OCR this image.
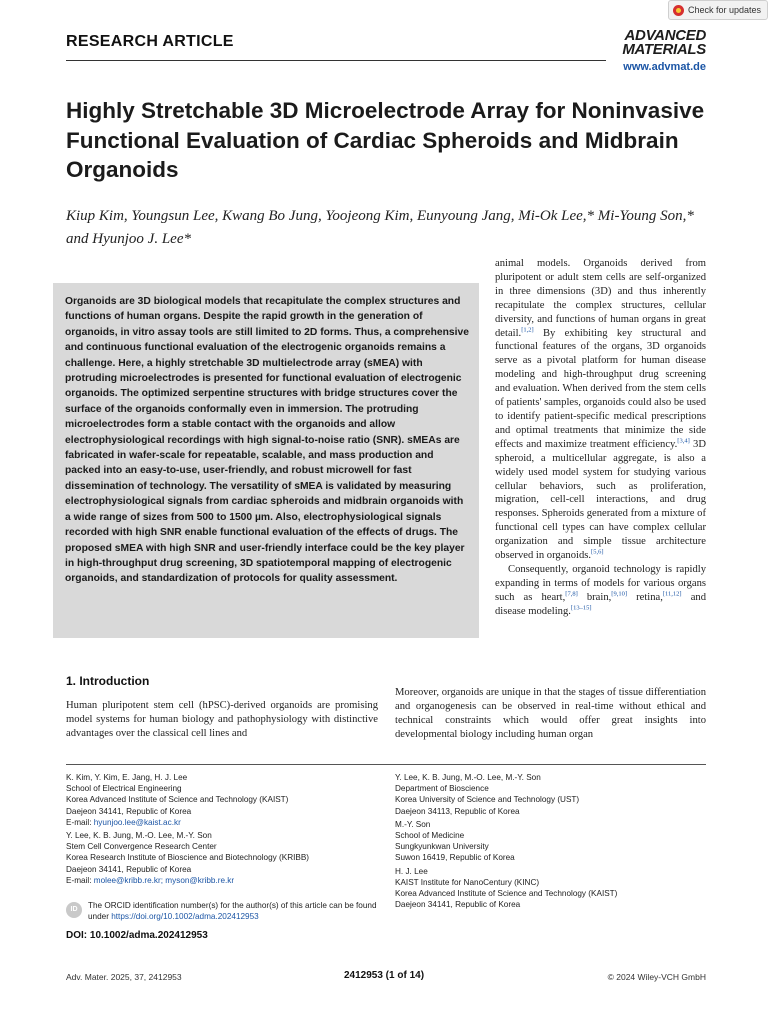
Check for updates
RESEARCH ARTICLE	ADVANCED
MATERIALS
www.advmat.de
Highly Stretchable 3D Microelectrode Array for Noninvasive Functional Evaluation of Cardiac Spheroids and Midbrain Organoids
Kiup Kim, Youngsun Lee, Kwang Bo Jung, Yoojeong Kim, Eunyoung Jang, Mi-Ok Lee,* Mi-Young Son,* and Hyunjoo J. Lee*
Organoids are 3D biological models that recapitulate the complex structures and functions of human organs. Despite the rapid growth in the generation of organoids, in vitro assay tools are still limited to 2D forms. Thus, a comprehensive and continuous functional evaluation of the electrogenic organoids remains a challenge. Here, a highly stretchable 3D multielectrode array (sMEA) with protruding microelectrodes is presented for functional evaluation of electrogenic organoids. The optimized serpentine structures with bridge structures cover the surface of the organoids conformally even in immersion. The protruding microelectrodes form a stable contact with the organoids and allow electrophysiological recordings with high signal-to-noise ratio (SNR). sMEAs are fabricated in wafer-scale for repeatable, scalable, and mass production and packed into an easy-to-use, user-friendly, and robust microwell for fast dissemination of technology. The versatility of sMEA is validated by measuring electrophysiological signals from cardiac spheroids and midbrain organoids with a wide range of sizes from 500 to 1500 µm. Also, electrophysiological signals recorded with high SNR enable functional evaluation of the effects of drugs. The proposed sMEA with high SNR and user-friendly interface could be the key player in high-throughput drug screening, 3D spatiotemporal mapping of electrogenic organoids, and standardization of protocols for quality assessment.

animal models. Organoids derived from pluripotent or adult stem cells are self-organized in three dimensions (3D) and thus inherently recapitulate the complex structures, cellular diversity, and functions of human organs in great detail.[1,2] By exhibiting key structural and functional features of the organs, 3D organoids serve as a pivotal platform for human disease modeling and high-throughput drug screening and evaluation. When derived from the stem cells of patients' samples, organoids could also be used to identify patient-specific medical prescriptions and optimal treatments that minimize the side effects and maximize treatment efficiency.[3,4] 3D spheroid, a multicellular aggregate, is also a widely used model system for studying various cellular behaviors, such as proliferation, migration, cell-cell interactions, and drug responses. Spheroids generated from a mixture of functional cell types can have complex cellular organization and simple tissue architecture observed in organoids.[5,6]

Consequently, organoid technology is rapidly expanding in terms of models for various organs such as heart,[7,8] brain,[9,10] retina,[11,12] and disease modeling.[13–15]

1. Introduction
Human pluripotent stem cell (hPSC)-derived organoids are promising model systems for human biology and pathophysiology with distinctive advantages over the classical cell lines and
Moreover, organoids are unique in that the stages of tissue differentiation and organogenesis can be observed in real-time without ethical and technical constraints which would offer great insights into developmental biology including human organ

K. Kim, Y. Kim, E. Jang, H. J. Lee
School of Electrical Engineering
Korea Advanced Institute of Science and Technology (KAIST)
Daejeon 34141, Republic of Korea
E-mail: hyunjoo.lee@kaist.ac.kr

Y. Lee, K. B. Jung, M.-O. Lee, M.-Y. Son
Stem Cell Convergence Research Center
Korea Research Institute of Bioscience and Biotechnology (KRIBB)
Daejeon 34141, Republic of Korea
E-mail: molee@kribb.re.kr; myson@kribb.re.kr

Y. Lee, K. B. Jung, M.-O. Lee, M.-Y. Son
Department of Bioscience
Korea University of Science and Technology (UST)
Daejeon 34113, Republic of Korea

M.-Y. Son
School of Medicine
Sungkyunkwan University
Suwon 16419, Republic of Korea

H. J. Lee
KAIST Institute for NanoCentury (KINC)
Korea Advanced Institute of Science and Technology (KAIST)
Daejeon 34141, Republic of Korea

ID	The ORCID identification number(s) for the author(s) of this article can be found under https://doi.org/10.1002/adma.202412953
DOI: 10.1002/adma.202412953
Adv. Mater. 2025, 37, 2412953	2412953 (1 of 14)	© 2024 Wiley-VCH GmbH
